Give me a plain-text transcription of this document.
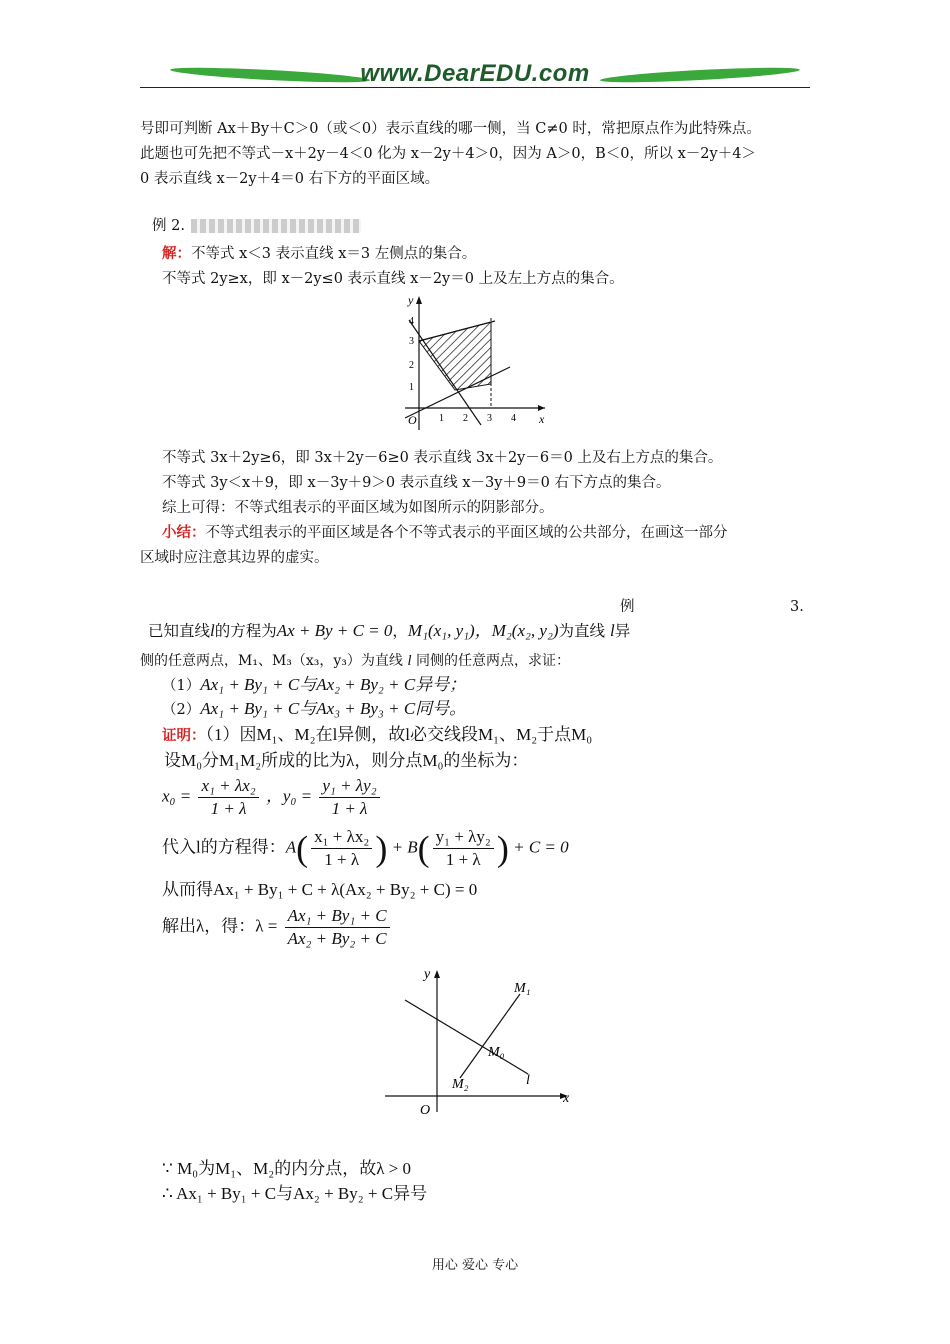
www.DearEDU.com
号即可判断 Ax＋By＋C＞0（或＜0）表示直线的哪一侧，当 C≠0 时，常把原点作为此特殊点。
此题也可先把不等式－x＋2y－4＜0 化为 x－2y＋4＞0，因为 A＞0，B＜0，所以 x－2y＋4＞
0 表示直线 x－2y＋4＝0 右下方的平面区域。
例 2.
解：不等式 x＜3 表示直线 x＝3 左侧点的集合。
不等式 2y≥x，即 x－2y≤0 表示直线 x－2y＝0 上及左上方点的集合。
y
x
O 1 2 3 4
1
2
3
4
不等式 3x＋2y≥6，即 3x＋2y－6≥0 表示直线 3x＋2y－6＝0 上及右上方点的集合。
不等式 3y＜x＋9，即 x－3y＋9＞0 表示直线 x－3y＋9＝0 右下方点的集合。
综上可得：不等式组表示的平面区域为如图所示的阴影部分。
小结：不等式组表示的平面区域是各个不等式表示的平面区域的公共部分，在画这一部分
区域时应注意其边界的虚实。
例	3.
已知直线l的方程为Ax + By + C = 0，M₁(x₁, y₁)，M₂(x₂, y₂)为直线 l异
侧的任意两点，M₁、M₃（x₃，y₃）为直线 l 同侧的任意两点，求证：
（1）Ax₁ + By₁ + C与Ax₂ + By₂ + C异号；
（2）Ax₁ + By₁ + C与Ax₃ + By₃ + C同号。
证明：（1）因M₁、M₂在l异侧，故l必交线段M₁、M₂于点M₀
设M₀分M₁M₂所成的比为λ，则分点M₀的坐标为：
$x_0 = \frac{\text{x₁ + λx₂}}{1 + \lambda}$ ，$y_0 = \frac{\text{y₁ + λy₂}}{1 + \lambda}$
代入l的方程得：$A( \frac{\text{x₁ + λx₂}}{1 + \lambda}$ ) + $B( \frac{\text{y₁ + λy₂}}{1 + \lambda}$ ) + C = 0
从而得Ax₁ + By₁ + C + λ(Ax₂ + By₂ + C) = 0
解出λ，得：$\lambda = \frac{\text{Ax₁ + By₁ + C}}{\text{Ax₂ + By₂ + C}}$
y
x
O
M₁
M₀
M₂	l
∵ M₀为M₁、M₂的内分点，故λ > 0
∴ Ax₁ + By₁ + C与Ax₂ + By₂ + C异号
用心 爱心 专心
